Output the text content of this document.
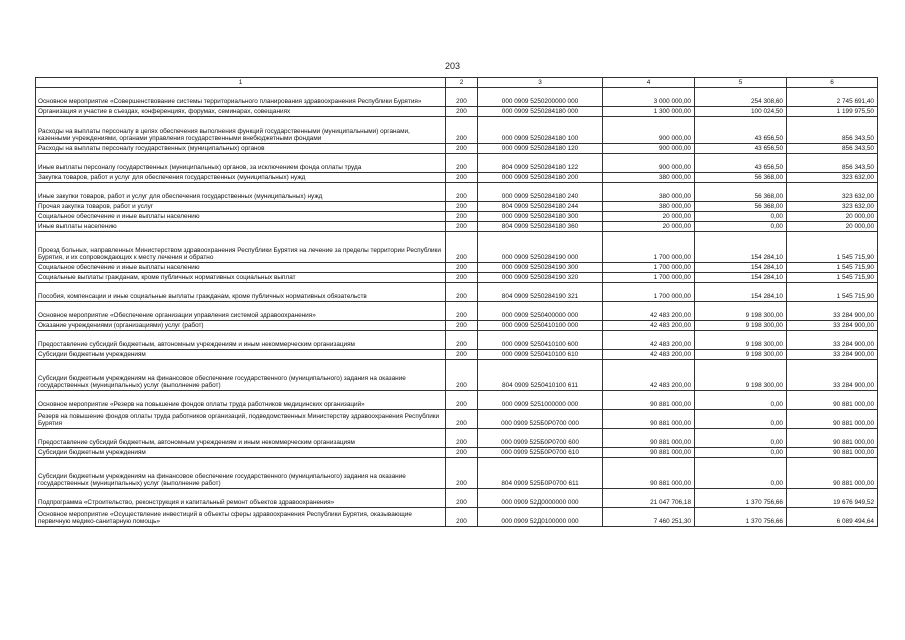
203
1	2	3	4	5	6
Основное мероприятие «Совершенствование системы территориального планирования здравоохранения Республики Бурятия»	200	000 0909 5250200000 000	3 000 000,00	254 308,60	2 745 691,40
Организация и участие в съездах, конференциях, форумах, семинарах, совещаниях	200	000 0909 5250284180 000	1 300 000,00	100 024,50	1 199 975,50
Расходы на выплаты персоналу в целях обеспечения выполнения функций государственными (муниципальными) органами, казенными учреждениями, органами управления государственными внебюджетными фондами	200	000 0909 5250284180 100	900 000,00	43 656,50	856 343,50
Расходы на выплаты персоналу государственных (муниципальных) органов	200	000 0909 5250284180 120	900 000,00	43 656,50	856 343,50
Иные выплаты персоналу государственных (муниципальных) органов, за исключением фонда оплаты труда	200	804 0909 5250284180 122	900 000,00	43 656,50	856 343,50
Закупка товаров, работ и услуг для обеспечения государственных (муниципальных) нужд	200	000 0909 5250284180 200	380 000,00	56 368,00	323 632,00
Иные закупки товаров, работ и услуг для обеспечения государственных (муниципальных) нужд	200	000 0909 5250284180 240	380 000,00	56 368,00	323 632,00
Прочая закупка товаров, работ и услуг	200	804 0909 5250284180 244	380 000,00	56 368,00	323 632,00
Социальное обеспечение и иные выплаты населению	200	000 0909 5250284180 300	20 000,00	0,00	20 000,00
Иные выплаты населению	200	804 0909 5250284180 360	20 000,00	0,00	20 000,00
Проезд больных, направленных Министерством здравоохранения Республики Бурятия на лечение за пределы территории Республики Бурятия, и их сопровождающих к месту лечения и обратно	200	000 0909 5250284190 000	1 700 000,00	154 284,10	1 545 715,90
Социальное обеспечение и иные выплаты населению	200	000 0909 5250284190 300	1 700 000,00	154 284,10	1 545 715,90
Социальные выплаты гражданам, кроме публичных нормативных социальных выплат	200	000 0909 5250284190 320	1 700 000,00	154 284,10	1 545 715,90
Пособия, компенсации и иные социальные выплаты гражданам, кроме публичных нормативных обязательств	200	804 0909 5250284190 321	1 700 000,00	154 284,10	1 545 715,90
Основное мероприятие «Обеспечение организации управления системой здравоохранения»	200	000 0909 5250400000 000	42 483 200,00	9 198 300,00	33 284 900,00
Оказание учреждениями (организациями) услуг (работ)	200	000 0909 5250410100 000	42 483 200,00	9 198 300,00	33 284 900,00
Предоставление субсидий бюджетным, автономным учреждениям и иным некоммерческим организациям	200	000 0909 5250410100 600	42 483 200,00	9 198 300,00	33 284 900,00
Субсидии бюджетным учреждениям	200	000 0909 5250410100 610	42 483 200,00	9 198 300,00	33 284 900,00
Субсидии бюджетным учреждениям на финансовое обеспечение государственного (муниципального) задания на оказание государственных (муниципальных) услуг (выполнение работ)	200	804 0909 5250410100 611	42 483 200,00	9 198 300,00	33 284 900,00
Основное мероприятие «Резерв на повышение фондов оплаты труда работников медицинских организаций»	200	000 0909 5251000000 000	90 881 000,00	0,00	90 881 000,00
Резерв на повышение фондов оплаты труда работников организаций, подведомственных Министерству здравоохранения Республики Бурятия	200	000 0909 525Б0Р0700 000	90 881 000,00	0,00	90 881 000,00
Предоставление субсидий бюджетным, автономным учреждениям и иным некоммерческим организациям	200	000 0909 525Б0Р0700 600	90 881 000,00	0,00	90 881 000,00
Субсидии бюджетным учреждениям	200	000 0909 525Б0Р0700 610	90 881 000,00	0,00	90 881 000,00
Субсидии бюджетным учреждениям на финансовое обеспечение государственного (муниципального) задания на оказание государственных (муниципальных) услуг (выполнение работ)	200	804 0909 525Б0Р0700 611	90 881 000,00	0,00	90 881 000,00
Подпрограмма «Строительство, реконструкция и капитальный ремонт объектов здравоохранения»	200	000 0909 52Д0000000 000	21 047 706,18	1 370 756,66	19 676 949,52
Основное мероприятие «Осуществление инвестиций в объекты сферы здравоохранения Республики Бурятия, оказывающие первичную медико-санитарную помощь»	200	000 0909 52Д0100000 000	7 460 251,30	1 370 756,66	6 089 494,64
